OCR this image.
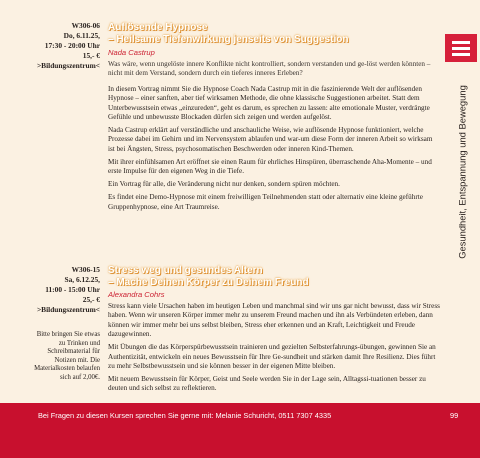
W306-06
Do, 6.11.25,
17:30 - 20:00 Uhr
15,- €
>Bildungszentrum<
Auflösende Hypnose
– Heilsame Tiefenwirkung jenseits von Suggestion
Nada Castrup

Was wäre, wenn ungelöste innere Konflikte nicht kontrolliert, sondern verstanden und ge-löst werden könnten – nicht mit dem Verstand, sondern durch ein tieferes inneres Erleben?

In diesem Vortrag nimmt Sie die Hypnose Coach Nada Castrup mit in die faszinierende Welt der auflösenden Hypnose – einer sanften, aber tief wirksamen Methode, die ohne klassische Suggestionen arbeitet. Statt dem Unterbewusstsein etwas „einzureden“, geht es darum, es sprechen zu lassen: alte emotionale Muster, verdrängte Gefühle und unbewusste Blockaden dürfen sich zeigen und werden aufgelöst.

Nada Castrup erklärt auf verständliche und anschauliche Weise, wie auflösende Hypnose funktioniert, welche Prozesse dabei im Gehirn und im Nervensystem ablaufen und war-um diese Form der inneren Arbeit so wirksam ist bei Ängsten, Stress, psychosomatischen Beschwerden oder inneren Kind-Themen.

Mit ihrer einfühlsamen Art eröffnet sie einen Raum für ehrliches Hinspüren, überraschende Aha-Momente – und erste Impulse für den eigenen Weg in die Tiefe.

Ein Vortrag für alle, die Veränderung nicht nur denken, sondern spüren möchten.

Es findet eine Demo-Hypnose mit einem freiwilligen Teilnehmenden statt oder alternativ eine kleine geführte Gruppenhypnose, eine Art Traumreise.

W306-15
Sa, 6.12.25,
11:00 - 15:00 Uhr
25,- €
>Bildungszentrum<
Bitte bringen Sie etwas zu Trinken und Schreibmaterial für Notizen mit. Die Materialkosten belaufen sich auf 2,00€.
Stress weg und gesundes Altern
– Mache Deinen Körper zu Deinem Freund
Alexandra Cohrs

Stress kann viele Ursachen haben im heutigen Leben und manchmal sind wir uns gar nicht bewusst, dass wir Stress haben. Wenn wir unseren Körper immer mehr zu unserem Freund machen und ihn als Verbündeten erleben, dann können wir immer mehr bei uns selbst bleiben, Stress eher erkennen und an Kraft, Leichtigkeit und Freude dazugewinnen.

Mit Übungen die das Körperspürbewusstsein trainieren und gezielten Selbsterfahrungs-übungen, gewinnen Sie an Authentizität, entwickeln ein neues Bewusstsein für Ihre Ge-sundheit und stärken damit Ihre Resilienz. Dies führt zu mehr Selbstbewusstsein und sie können besser in der eigenen Mitte bleiben.

Mit neuem Bewusstsein für Körper, Geist und Seele werden Sie in der Lage sein, Alltagssi-tuationen besser zu deuten und sich selbst zu reflektieren.

Gesundheit, Entspannung und Bewegung
Bei Fragen zu diesen Kursen sprechen Sie gerne mit: Melanie Schuricht, 0511 7307 4335	99
